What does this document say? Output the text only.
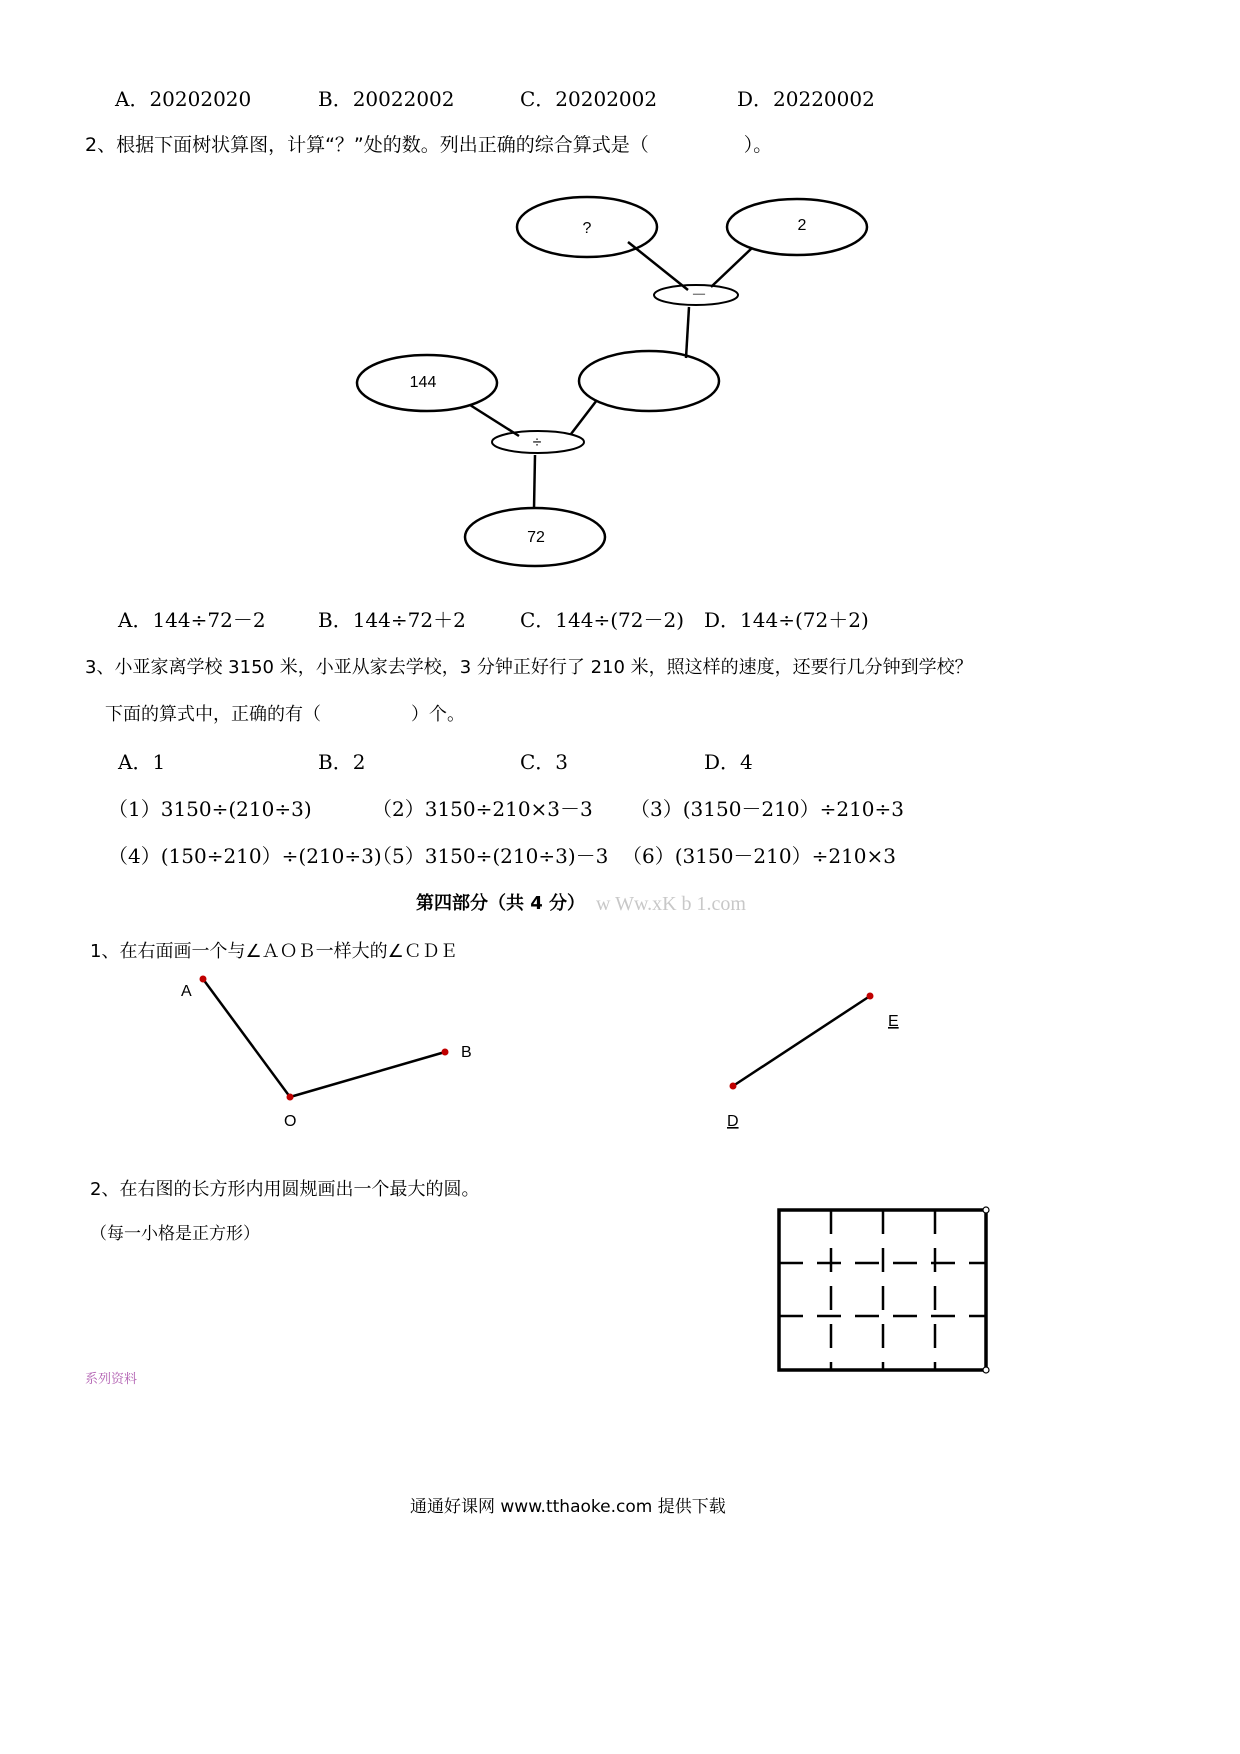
A．20202020	B．20022002	C．20202002	D．20220002
2、根据下面树状算图，计算“？”处的数。列出正确的综合算式是（　　　　　）。
?	2
－
144
÷
72
A．144÷72－2	B．144÷72＋2	C．144÷(72－2) D．144÷(72＋2)
3、小亚家离学校 3150 米，小亚从家去学校，3 分钟正好行了 210 米，照这样的速度，还要行几分钟到学校？
下面的算式中，正确的有（　　　　　）个。
A．1	B．2	C．3	D．4
（1）3150÷(210÷3)	（2）3150÷210×3－3 （3）(3150－210）÷210÷3
（4）(150÷210）÷(210÷3)
（5）3150÷(210÷3)－3 （6）(3150－210）÷210×3
第四部分（共 4 分） w Ww.xK b 1.com
1、在右面画一个与∠ＡＯＢ一样大的∠ＣＤＥ
A
B
O	D
E
2、在右图的长方形内用圆规画出一个最大的圆。
（每一小格是正方形）
系列资料
通通好课网 www.tthaoke.com 提供下载
